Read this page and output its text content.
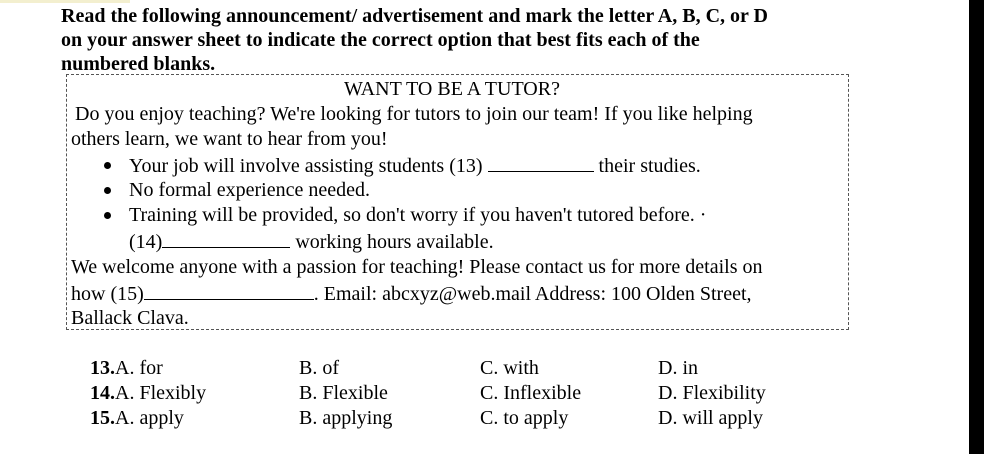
Read the following announcement/ advertisement and mark the letter A, B, C, or D
on your answer sheet to indicate the correct option that best fits each of the
numbered blanks.
WANT TO BE A TUTOR?
Do you enjoy teaching? We're looking for tutors to join our team! If you like helping
others learn, we want to hear from you!
Your job will involve assisting students (13)	their studies.
No formal experience needed.
Training will be provided, so don't worry if you haven't tutored before. ·
(14)	working hours available.
We welcome anyone with a passion for teaching! Please contact us for more details on
how (15)	. Email: abcxyz@web.mail Address: 100 Olden Street,
Ballack Clava.
13.A. for	B. of	C. with	D. in
14.A. Flexibly	B. Flexible	C. Inflexible	D. Flexibility
15.A. apply	B. applying	C. to apply	D. will apply
